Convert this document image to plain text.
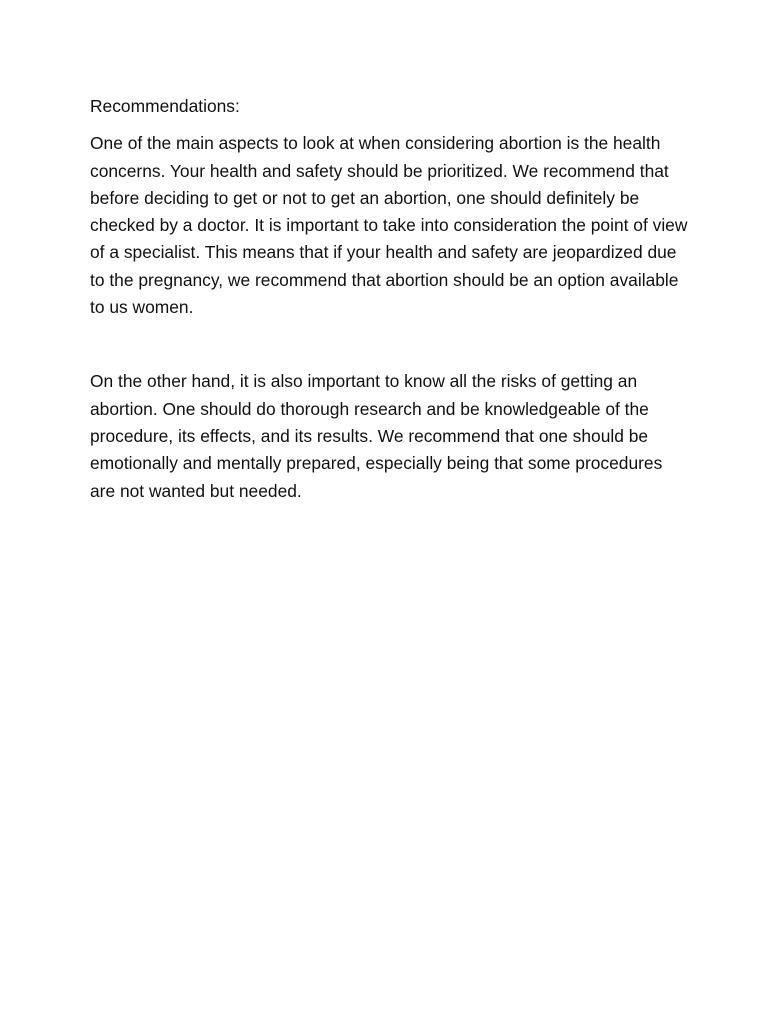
Recommendations:

One of the main aspects to look at when considering abortion is the health concerns. Your health and safety should be prioritized. We recommend that before deciding to get or not to get an abortion, one should definitely be checked by a doctor. It is important to take into consideration the point of view of a specialist. This means that if your health and safety are jeopardized due to the pregnancy, we recommend that abortion should be an option available to us women.

On the other hand, it is also important to know all the risks of getting an abortion. One should do thorough research and be knowledgeable of the procedure, its effects, and its results. We recommend that one should be emotionally and mentally prepared, especially being that some procedures are not wanted but needed.
